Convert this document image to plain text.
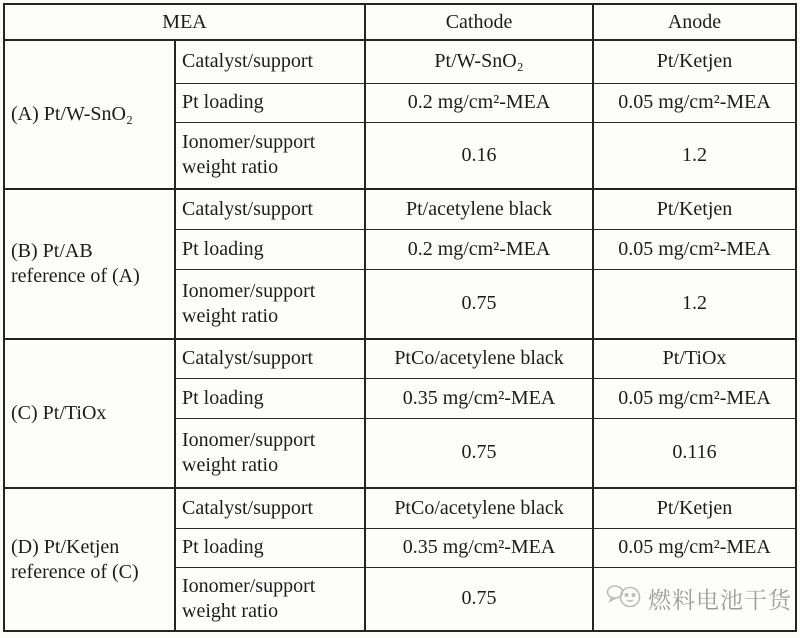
MEA		Cathode	Anode
(A) Pt/W-SnO₂	Catalyst/support	Pt/W-SnO₂	Pt/Ketjen
	Pt loading	0.2 mg/cm²-MEA	0.05 mg/cm²-MEA
	Ionomer/support weight ratio	0.16	1.2
(B) Pt/AB reference of (A)	Catalyst/support	Pt/acetylene black	Pt/Ketjen
	Pt loading	0.2 mg/cm²-MEA	0.05 mg/cm²-MEA
	Ionomer/support weight ratio	0.75	1.2
(C) Pt/TiOx	Catalyst/support	PtCo/acetylene black	Pt/TiOx
	Pt loading	0.35 mg/cm²-MEA	0.05 mg/cm²-MEA
	Ionomer/support weight ratio	0.75	0.116
(D) Pt/Ketjen reference of (C)	Catalyst/support	PtCo/acetylene black	Pt/Ketjen
	Pt loading	0.35 mg/cm²-MEA	0.05 mg/cm²-MEA
	Ionomer/support weight ratio	0.75		燃料电池干货
